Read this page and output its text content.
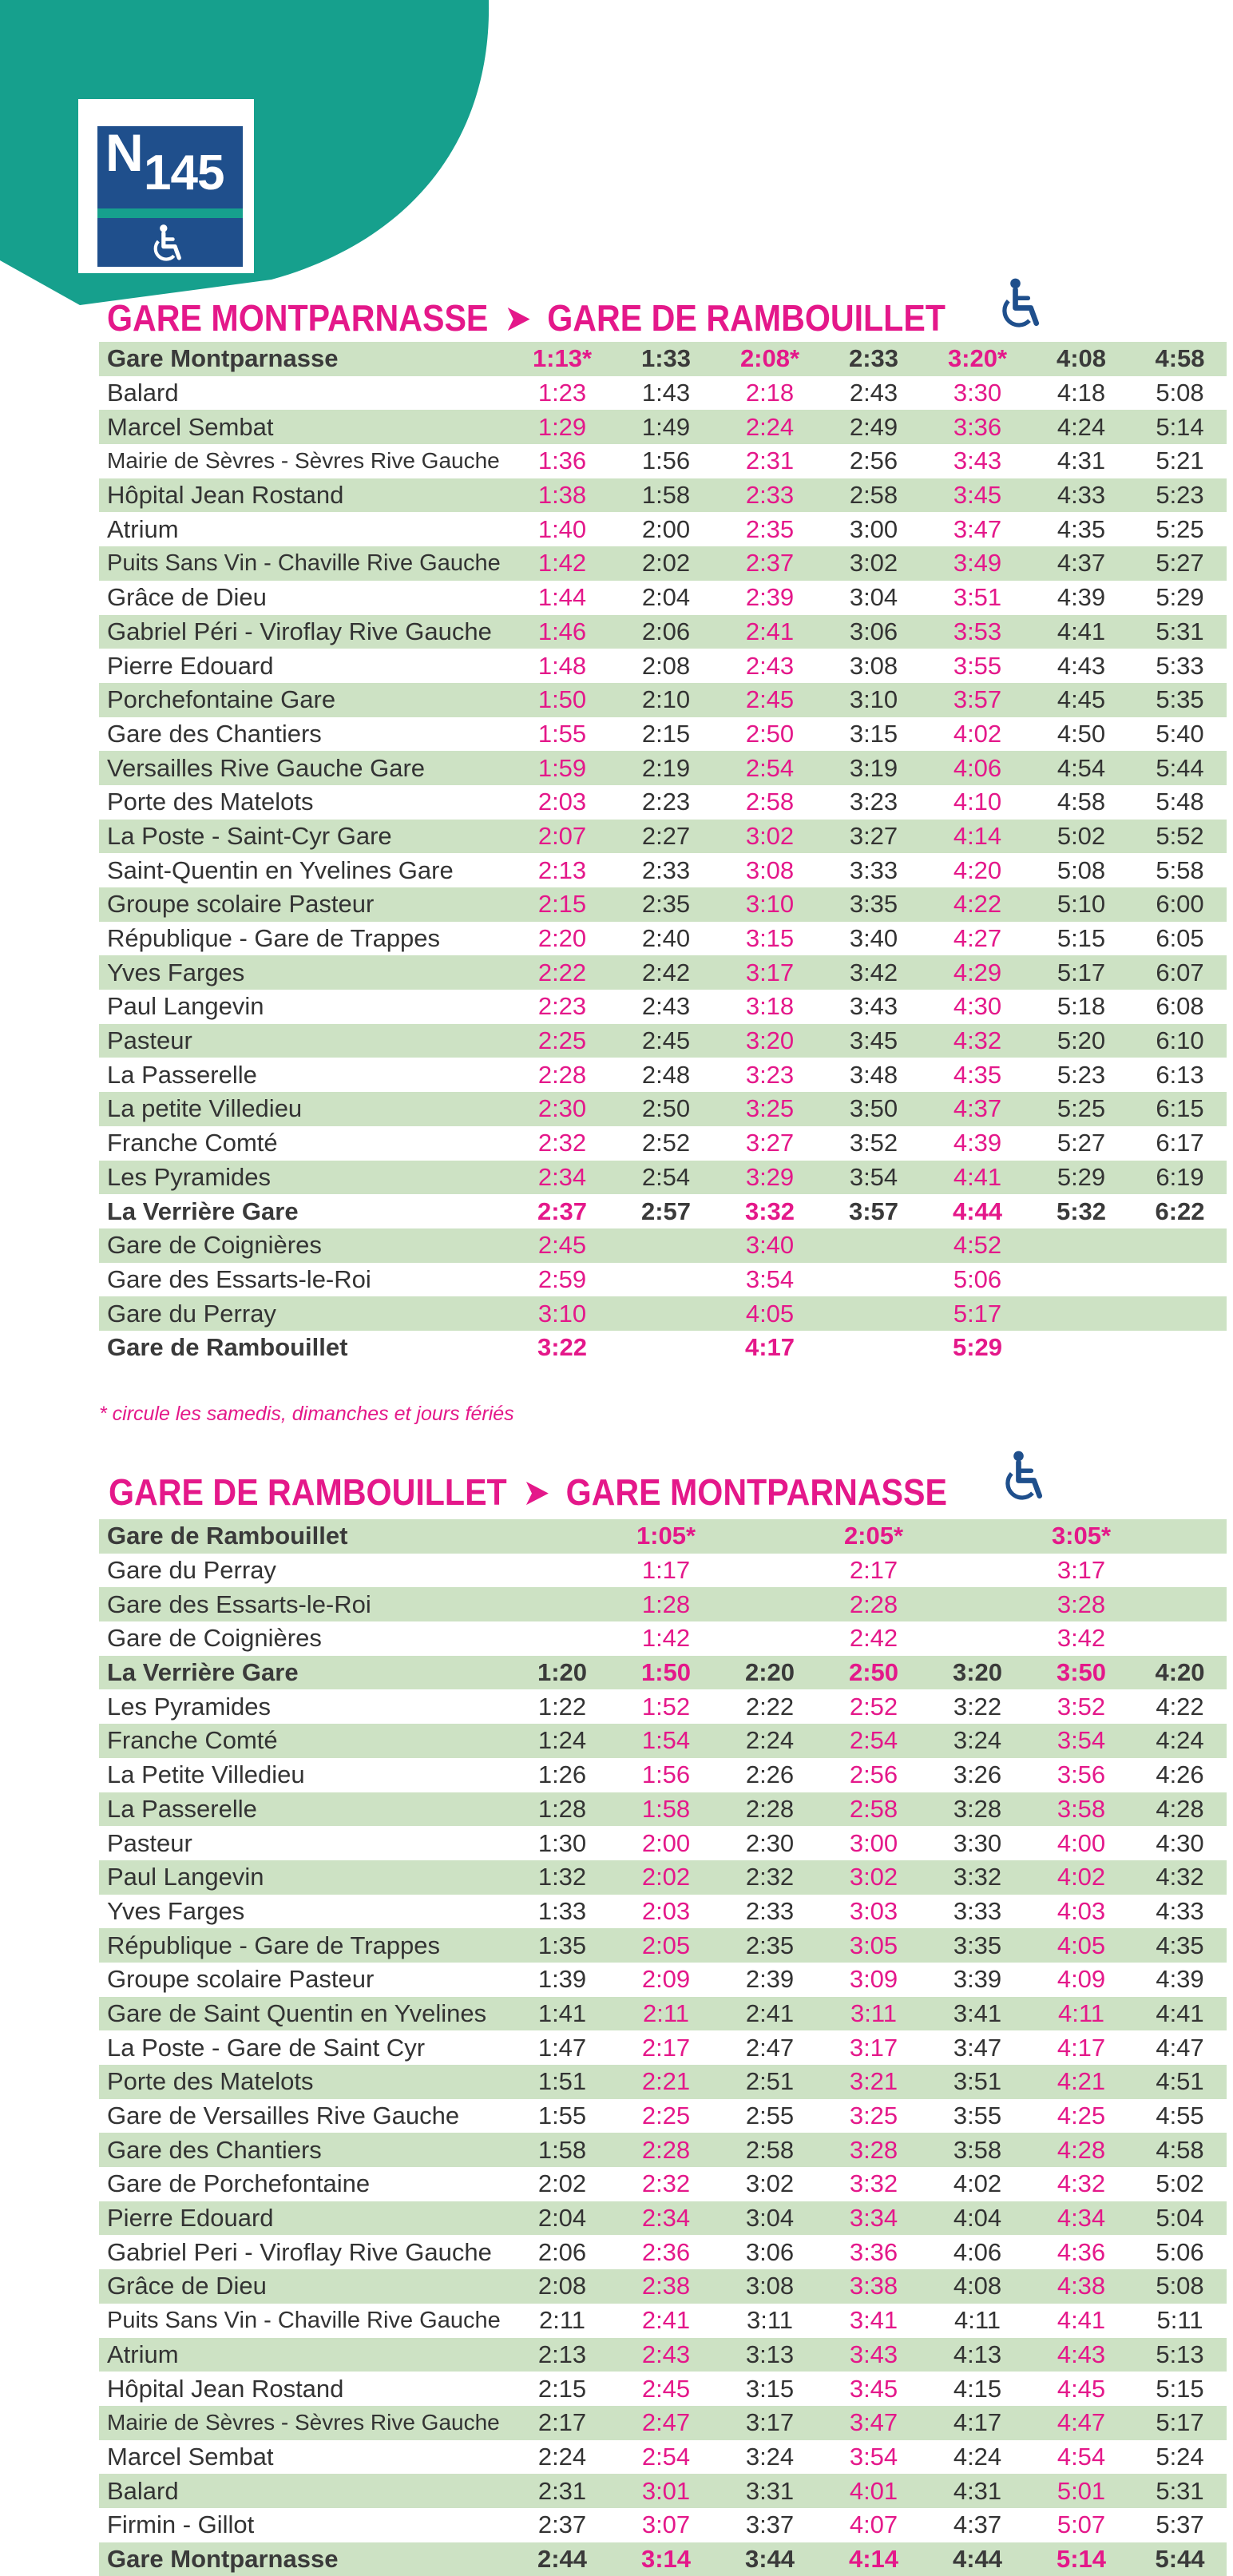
N 145
GARE MONTPARNASSE ➤ GARE DE RAMBOUILLET
Gare Montparnasse	1:13*	1:33	2:08*	2:33	3:20*	4:08	4:58
Balard	1:23	1:43	2:18	2:43	3:30	4:18	5:08
Marcel Sembat	1:29	1:49	2:24	2:49	3:36	4:24	5:14
Mairie de Sèvres - Sèvres Rive Gauche	1:36	1:56	2:31	2:56	3:43	4:31	5:21
Hôpital Jean Rostand	1:38	1:58	2:33	2:58	3:45	4:33	5:23
Atrium	1:40	2:00	2:35	3:00	3:47	4:35	5:25
Puits Sans Vin - Chaville Rive Gauche	1:42	2:02	2:37	3:02	3:49	4:37	5:27
Grâce de Dieu	1:44	2:04	2:39	3:04	3:51	4:39	5:29
Gabriel Péri - Viroflay Rive Gauche	1:46	2:06	2:41	3:06	3:53	4:41	5:31
Pierre Edouard	1:48	2:08	2:43	3:08	3:55	4:43	5:33
Porchefontaine Gare	1:50	2:10	2:45	3:10	3:57	4:45	5:35
Gare des Chantiers	1:55	2:15	2:50	3:15	4:02	4:50	5:40
Versailles Rive Gauche Gare	1:59	2:19	2:54	3:19	4:06	4:54	5:44
Porte des Matelots	2:03	2:23	2:58	3:23	4:10	4:58	5:48
La Poste - Saint-Cyr Gare	2:07	2:27	3:02	3:27	4:14	5:02	5:52
Saint-Quentin en Yvelines Gare	2:13	2:33	3:08	3:33	4:20	5:08	5:58
Groupe scolaire Pasteur	2:15	2:35	3:10	3:35	4:22	5:10	6:00
République - Gare de Trappes	2:20	2:40	3:15	3:40	4:27	5:15	6:05
Yves Farges	2:22	2:42	3:17	3:42	4:29	5:17	6:07
Paul Langevin	2:23	2:43	3:18	3:43	4:30	5:18	6:08
Pasteur	2:25	2:45	3:20	3:45	4:32	5:20	6:10
La Passerelle	2:28	2:48	3:23	3:48	4:35	5:23	6:13
La petite Villedieu	2:30	2:50	3:25	3:50	4:37	5:25	6:15
Franche Comté	2:32	2:52	3:27	3:52	4:39	5:27	6:17
Les Pyramides	2:34	2:54	3:29	3:54	4:41	5:29	6:19
La Verrière Gare	2:37	2:57	3:32	3:57	4:44	5:32	6:22
Gare de Coignières	2:45		3:40		4:52		
Gare des Essarts-le-Roi	2:59		3:54		5:06		
Gare du Perray	3:10		4:05		5:17		
Gare de Rambouillet	3:22		4:17		5:29		
* circule les samedis, dimanches et jours fériés
GARE DE RAMBOUILLET ➤ GARE MONTPARNASSE
Gare de Rambouillet		1:05*		2:05*		3:05*	
Gare du Perray		1:17		2:17		3:17	
Gare des Essarts-le-Roi		1:28		2:28		3:28	
Gare de Coignières		1:42		2:42		3:42	
La Verrière Gare	1:20	1:50	2:20	2:50	3:20	3:50	4:20
Les Pyramides	1:22	1:52	2:22	2:52	3:22	3:52	4:22
Franche Comté	1:24	1:54	2:24	2:54	3:24	3:54	4:24
La Petite Villedieu	1:26	1:56	2:26	2:56	3:26	3:56	4:26
La Passerelle	1:28	1:58	2:28	2:58	3:28	3:58	4:28
Pasteur	1:30	2:00	2:30	3:00	3:30	4:00	4:30
Paul Langevin	1:32	2:02	2:32	3:02	3:32	4:02	4:32
Yves Farges	1:33	2:03	2:33	3:03	3:33	4:03	4:33
République - Gare de Trappes	1:35	2:05	2:35	3:05	3:35	4:05	4:35
Groupe scolaire Pasteur	1:39	2:09	2:39	3:09	3:39	4:09	4:39
Gare de Saint Quentin en Yvelines	1:41	2:11	2:41	3:11	3:41	4:11	4:41
La Poste - Gare de Saint Cyr	1:47	2:17	2:47	3:17	3:47	4:17	4:47
Porte des Matelots	1:51	2:21	2:51	3:21	3:51	4:21	4:51
Gare de Versailles Rive Gauche	1:55	2:25	2:55	3:25	3:55	4:25	4:55
Gare des Chantiers	1:58	2:28	2:58	3:28	3:58	4:28	4:58
Gare de Porchefontaine	2:02	2:32	3:02	3:32	4:02	4:32	5:02
Pierre Edouard	2:04	2:34	3:04	3:34	4:04	4:34	5:04
Gabriel Peri - Viroflay Rive Gauche	2:06	2:36	3:06	3:36	4:06	4:36	5:06
Grâce de Dieu	2:08	2:38	3:08	3:38	4:08	4:38	5:08
Puits Sans Vin - Chaville Rive Gauche	2:11	2:41	3:11	3:41	4:11	4:41	5:11
Atrium	2:13	2:43	3:13	3:43	4:13	4:43	5:13
Hôpital Jean Rostand	2:15	2:45	3:15	3:45	4:15	4:45	5:15
Mairie de Sèvres - Sèvres Rive Gauche	2:17	2:47	3:17	3:47	4:17	4:47	5:17
Marcel Sembat	2:24	2:54	3:24	3:54	4:24	4:54	5:24
Balard	2:31	3:01	3:31	4:01	4:31	5:01	5:31
Firmin - Gillot	2:37	3:07	3:37	4:07	4:37	5:07	5:37
Gare Montparnasse	2:44	3:14	3:44	4:14	4:44	5:14	5:44
